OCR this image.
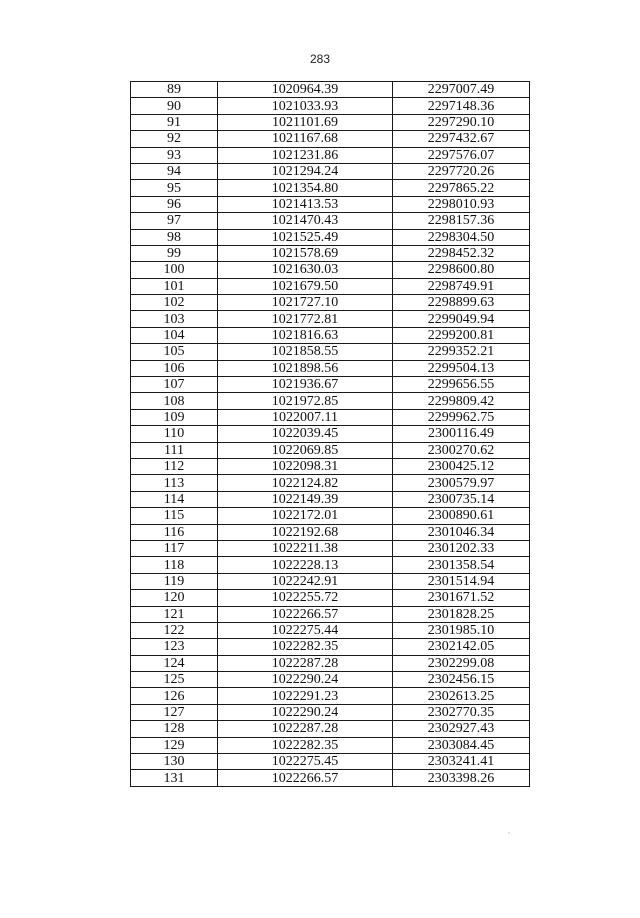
283
89	1020964.39	2297007.49
90	1021033.93	2297148.36
91	1021101.69	2297290.10
92	1021167.68	2297432.67
93	1021231.86	2297576.07
94	1021294.24	2297720.26
95	1021354.80	2297865.22
96	1021413.53	2298010.93
97	1021470.43	2298157.36
98	1021525.49	2298304.50
99	1021578.69	2298452.32
100	1021630.03	2298600.80
101	1021679.50	2298749.91
102	1021727.10	2298899.63
103	1021772.81	2299049.94
104	1021816.63	2299200.81
105	1021858.55	2299352.21
106	1021898.56	2299504.13
107	1021936.67	2299656.55
108	1021972.85	2299809.42
109	1022007.11	2299962.75
110	1022039.45	2300116.49
111	1022069.85	2300270.62
112	1022098.31	2300425.12
113	1022124.82	2300579.97
114	1022149.39	2300735.14
115	1022172.01	2300890.61
116	1022192.68	2301046.34
117	1022211.38	2301202.33
118	1022228.13	2301358.54
119	1022242.91	2301514.94
120	1022255.72	2301671.52
121	1022266.57	2301828.25
122	1022275.44	2301985.10
123	1022282.35	2302142.05
124	1022287.28	2302299.08
125	1022290.24	2302456.15
126	1022291.23	2302613.25
127	1022290.24	2302770.35
128	1022287.28	2302927.43
129	1022282.35	2303084.45
130	1022275.45	2303241.41
131	1022266.57	2303398.26
